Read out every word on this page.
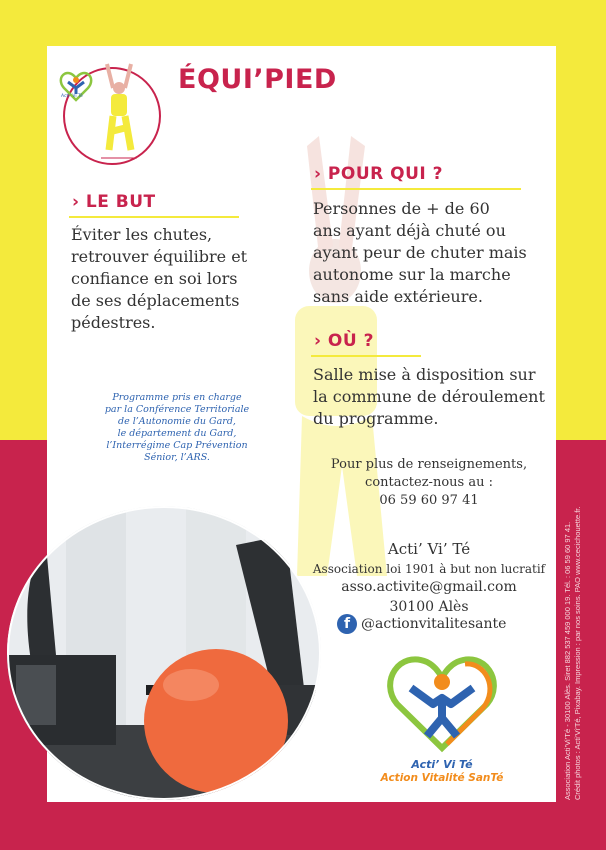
Acti’ Vi Té
ÉQUI’PIED
› LE BUT
Éviter les chutes,
retrouver équilibre et
confiance en soi lors
de ses déplacements
pédestres.
› POUR QUI ?
Personnes de + de 60
ans ayant déjà chuté ou
ayant peur de chuter mais
autonome sur la marche
sans aide extérieure.
› OÙ ?
Salle mise à disposition sur
la commune de déroulement
du programme.
Programme pris en charge
par la Conférence Territoriale
de l’Autonomie du Gard,
le département du Gard,
l’Interrégime Cap Prévention
Sénior, l’ARS.	Pour plus de renseignements,
contactez-nous au :
06 59 60 97 41
Acti’ Vi’ Té
Association loi 1901 à but non lucratif
asso.activite@gmail.com
30100 Alès
f @actionvitalitesante
Acti’ Vi Té
Action Vitalité SanTé	Association Acti’Vi’Té - 30100 Alès. Siret 882 537 459 000 19. Tél. : 06 59 60 97 41. Crédit photos : Acti’Vi’Té, Pixabay. Impression : par nos soins. PAO www.cecichouette.fr.
